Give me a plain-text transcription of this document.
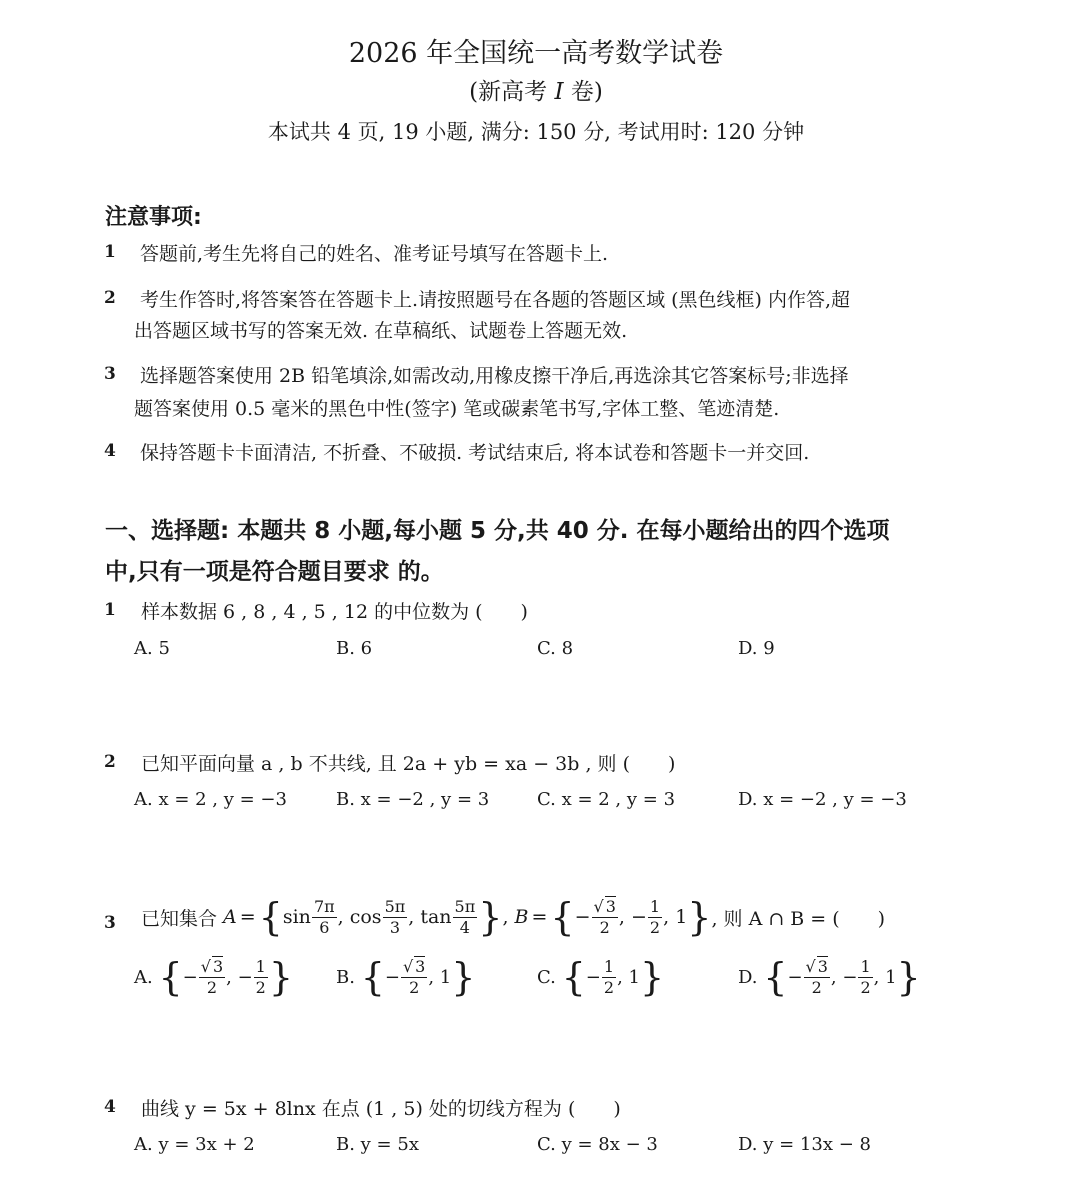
2026 年全国统一高考数学试卷
(新高考 I 卷)
本试共 4 页, 19 小题, 满分: 150 分, 考试用时: 120 分钟
注意事项:
1 答题前,考生先将自己的姓名、准考证号填写在答题卡上.
2 考生作答时,将答案答在答题卡上.请按照题号在各题的答题区域 (黑色线框) 内作答,超
出答题区域书写的答案无效. 在草稿纸、试题卷上答题无效.
3 选择题答案使用 2B 铅笔填涂,如需改动,用橡皮擦干净后,再选涂其它答案标号;非选择
题答案使用 0.5 毫米的黑色中性(签字) 笔或碳素笔书写,字体工整、笔迹清楚.
4 保持答题卡卡面清洁, 不折叠、不破损. 考试结束后, 将本试卷和答题卡一并交回.
一、选择题: 本题共 8 小题,每小题 5 分,共 40 分. 在每小题给出的四个选项
中,只有一项是符合题目要求 的。
1 样本数据 6 , 8 , 4 , 5 , 12 的中位数为 (　　)
A. 5	B. 6	C. 8	D. 9
2 已知平面向量 a , b 不共线, 且 2a + yb = xa − 3b , 则 (　　)
A. x = 2 , y = −3	B. x = −2 , y = 3	C. x = 2 , y = 3	D. x = −2 , y = −3
3 已知集合 A = { $\sin \frac{7\pi}{6}$ , $\cos \frac{5\pi}{3}$ , $\tan \frac{5\pi}{4}$ } , B = { − $\frac{√ 3}{2}$ , − $\frac{1}{2}$ , 1 } , 则 A ∩ B = (　　)
A.
{ − $\frac{√ 3}{2}$ , − $\frac{1}{2}$ } B.
{ − $\frac{√ 3}{2}$ , 1 }	C.
{ − $\frac{1}{2}$ , 1 }	D.
{ − $\frac{√ 3}{2}$ , − $\frac{1}{2}$ , 1 }
4 曲线 y = 5x + 8lnx 在点 (1 , 5) 处的切线方程为 (　　)
A. y = 3x + 2	B. y = 5x	C. y = 8x − 3	D. y = 13x − 8
